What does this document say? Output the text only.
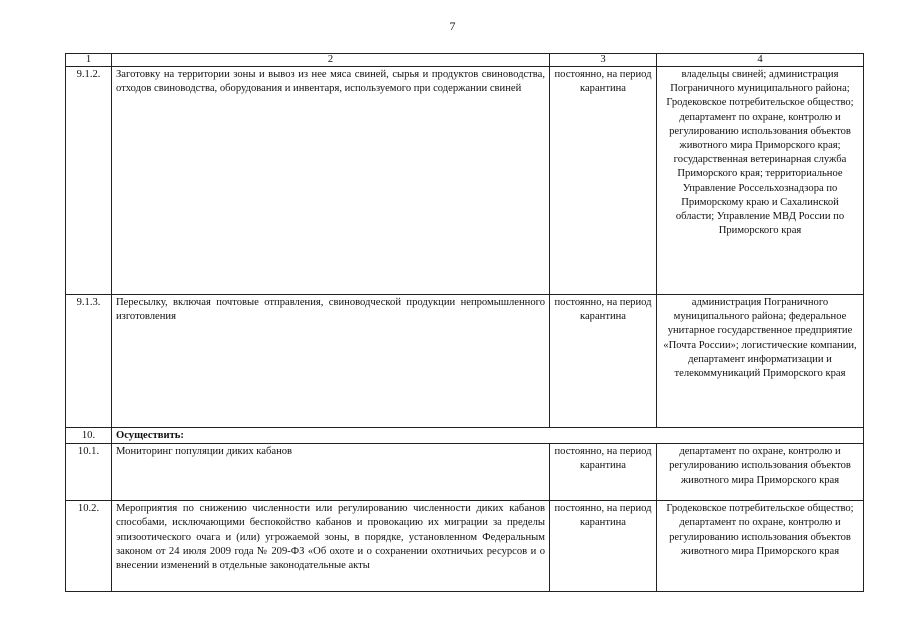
7
1	2	3	4
9.1.2.	Заготовку на территории зоны и вывоз из нее мяса свиней, сырья и продуктов свиноводства, отходов свиноводства, оборудования и инвентаря, используемого при содержании свиней	постоянно, на период карантина	владельцы свиней; администрация Пограничного муниципального района; Гродековское потребительское общество; департамент по охране, контролю и регулированию использования объектов животного мира Приморского края; государственная ветеринарная служба Приморского края; территориальное Управление Россельхознадзора по Приморскому краю и Сахалинской области; Управление МВД России по Приморского края
9.1.3.	Пересылку, включая почтовые отправления, свиноводческой продукции непромышленного изготовления	постоянно, на период карантина	администрация Пограничного муниципального района; федеральное унитарное государственное предприятие «Почта России»; логистические компании, департамент информатизации и телекоммуникаций Приморского края
10.	Осуществить:		
10.1.	Мониторинг популяции диких кабанов	постоянно, на период карантина	департамент по охране, контролю и регулированию использования объектов животного мира Приморского края
10.2.	Мероприятия по снижению численности или регулированию численности диких кабанов способами, исключающими беспокойство кабанов и провокацию их миграции за пределы эпизоотического очага и (или) угрожаемой зоны, в порядке, установленном Федеральным законом от 24 июля 2009 года № 209-ФЗ «Об охоте и о сохранении охотничьих ресурсов и о внесении изменений в отдельные законодательные акты	постоянно, на период карантина	Гродековское потребительское общество; департамент по охране, контролю и регулированию использования объектов животного мира Приморского края
